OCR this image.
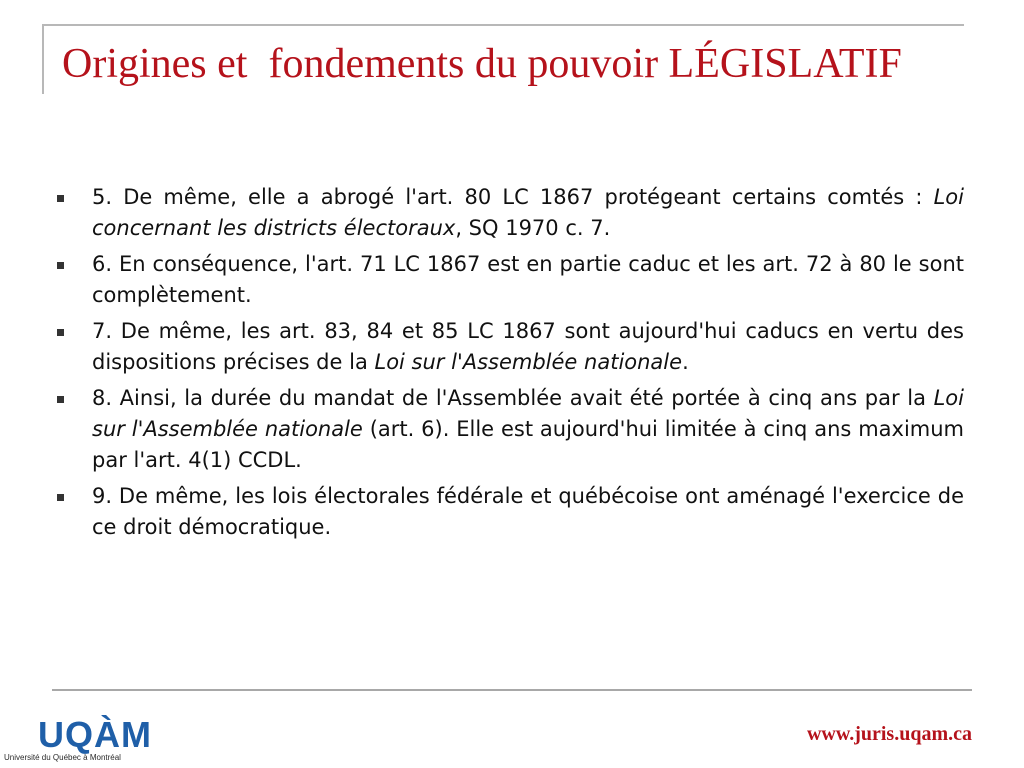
Origines et  fondements du pouvoir LÉGISLATIF
5. De même, elle a abrogé l'art. 80 LC 1867 protégeant certains comtés : Loi concernant les districts électoraux, SQ 1970 c. 7.
6. En conséquence, l'art. 71 LC 1867 est en partie caduc et les art. 72 à 80 le sont complètement.
7. De même, les art. 83, 84 et 85 LC 1867 sont aujourd'hui caducs en vertu des dispositions précises de la Loi sur l'Assemblée nationale.
8. Ainsi, la durée du mandat de l'Assemblée avait été portée à cinq ans par la Loi sur l'Assemblée nationale (art. 6). Elle est aujourd'hui limitée à cinq ans maximum par l'art. 4(1) CCDL.
9. De même, les lois électorales fédérale et québécoise ont aménagé l'exercice de ce droit démocratique.
UQÀM
Université du Québec à Montréal
www.juris.uqam.ca
